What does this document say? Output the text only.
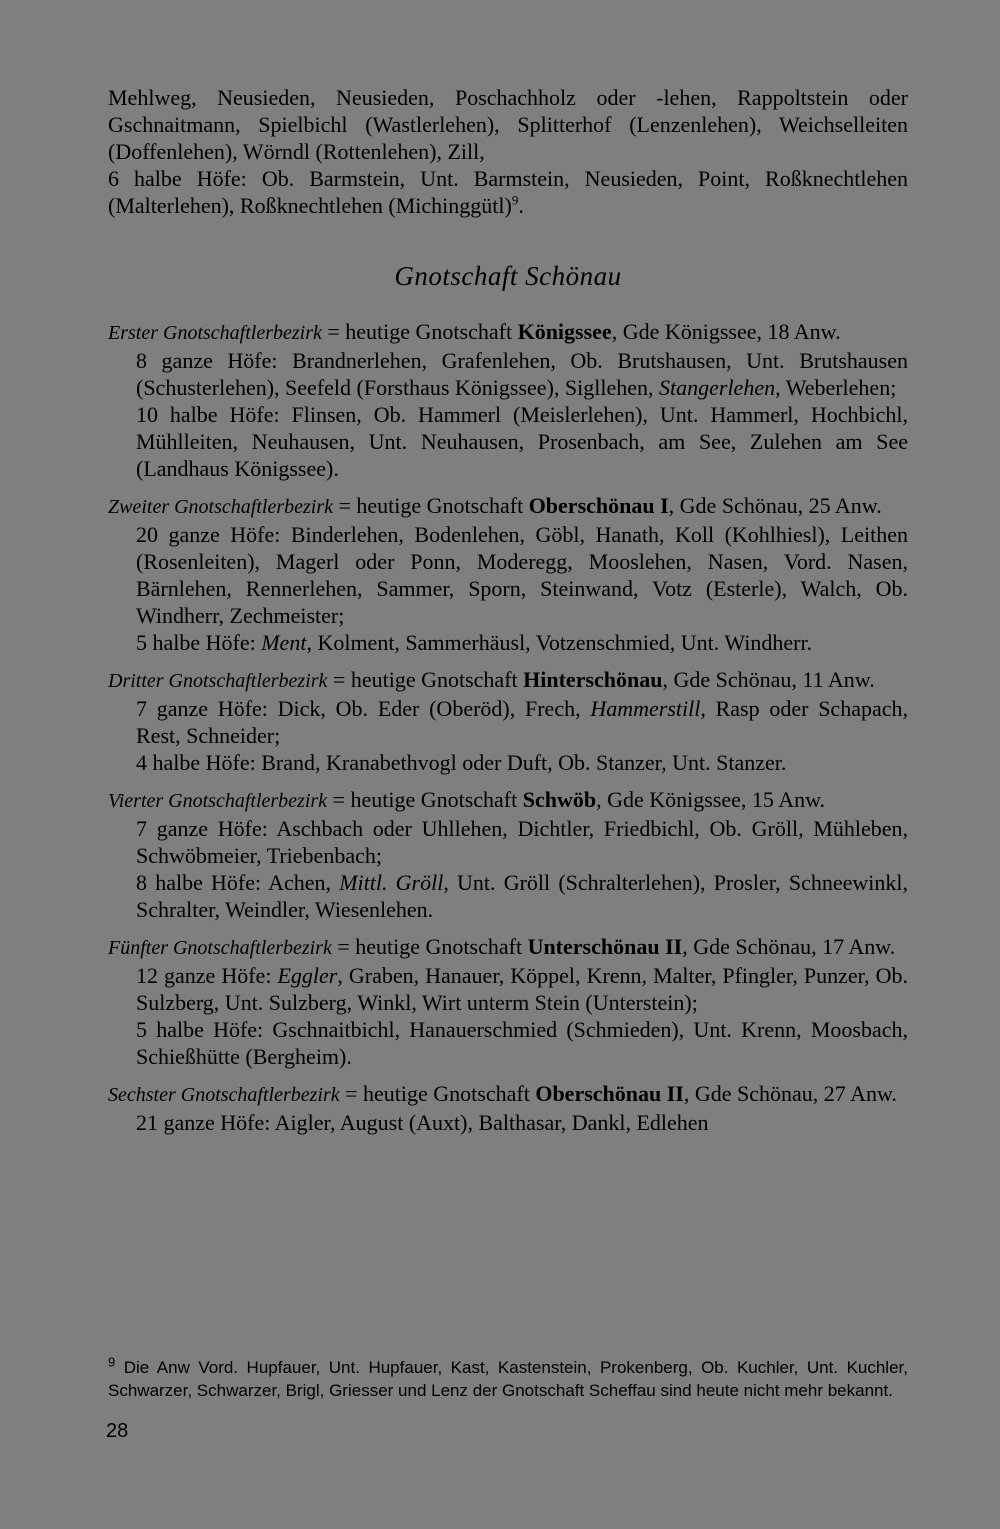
Mehlweg, Neusieden, Neusieden, Poschachholz oder -lehen, Rappoltstein oder Gschnaitmann, Spielbichl (Wastlerlehen), Splitterhof (Lenzenlehen), Weichselleiten (Doffenlehen), Wörndl (Rottenlehen), Zill,
6 halbe Höfe: Ob. Barmstein, Unt. Barmstein, Neusieden, Point, Roßknechtlehen (Malterlehen), Roßknechtlehen (Michinggütl)$^9$.

Gnotschaft Schönau

Erster Gnotschaftlerbezirk = heutige Gnotschaft Königssee, Gde Königssee, 18 Anw.

8 ganze Höfe: Brandnerlehen, Grafenlehen, Ob. Brutshausen, Unt. Brutshausen (Schusterlehen), Seefeld (Forsthaus Königssee), Sigllehen, Stangerlehen, Weberlehen;

10 halbe Höfe: Flinsen, Ob. Hammerl (Meislerlehen), Unt. Hammerl, Hochbichl, Mühlleiten, Neuhausen, Unt. Neuhausen, Prosenbach, am See, Zulehen am See (Landhaus Königssee).

Zweiter Gnotschaftlerbezirk = heutige Gnotschaft Oberschönau I, Gde Schönau, 25 Anw.

20 ganze Höfe: Binderlehen, Bodenlehen, Göbl, Hanath, Koll (Kohlhiesl), Leithen (Rosenleiten), Magerl oder Ponn, Moderegg, Mooslehen, Nasen, Vord. Nasen, Bärnlehen, Rennerlehen, Sammer, Sporn, Steinwand, Votz (Esterle), Walch, Ob. Windherr, Zechmeister;

5 halbe Höfe: Ment, Kolment, Sammerhäusl, Votzenschmied, Unt. Windherr.

Dritter Gnotschaftlerbezirk = heutige Gnotschaft Hinterschönau, Gde Schönau, 11 Anw.

7 ganze Höfe: Dick, Ob. Eder (Oberöd), Frech, Hammerstill, Rasp oder Schapach, Rest, Schneider;

4 halbe Höfe: Brand, Kranabethvogl oder Duft, Ob. Stanzer, Unt. Stanzer.

Vierter Gnotschaftlerbezirk = heutige Gnotschaft Schwöb, Gde Königssee, 15 Anw.

7 ganze Höfe: Aschbach oder Uhllehen, Dichtler, Friedbichl, Ob. Gröll, Mühleben, Schwöbmeier, Triebenbach;

8 halbe Höfe: Achen, Mittl. Gröll, Unt. Gröll (Schralterlehen), Prosler, Schneewinkl, Schralter, Weindler, Wiesenlehen.

Fünfter Gnotschaftlerbezirk = heutige Gnotschaft Unterschönau II, Gde Schönau, 17 Anw.

12 ganze Höfe: Eggler, Graben, Hanauer, Köppel, Krenn, Malter, Pfingler, Punzer, Ob. Sulzberg, Unt. Sulzberg, Winkl, Wirt unterm Stein (Unterstein);

5 halbe Höfe: Gschnaitbichl, Hanauerschmied (Schmieden), Unt. Krenn, Moosbach, Schießhütte (Bergheim).

Sechster Gnotschaftlerbezirk = heutige Gnotschaft Oberschönau II, Gde Schönau, 27 Anw.

21 ganze Höfe: Aigler, August (Auxt), Balthasar, Dankl, Edlehen

$^9$ Die Anw Vord. Hupfauer, Unt. Hupfauer, Kast, Kastenstein, Prokenberg, Ob. Kuchler, Unt. Kuchler, Schwarzer, Schwarzer, Brigl, Griesser und Lenz der Gnotschaft Scheffau sind heute nicht mehr bekannt.
28
